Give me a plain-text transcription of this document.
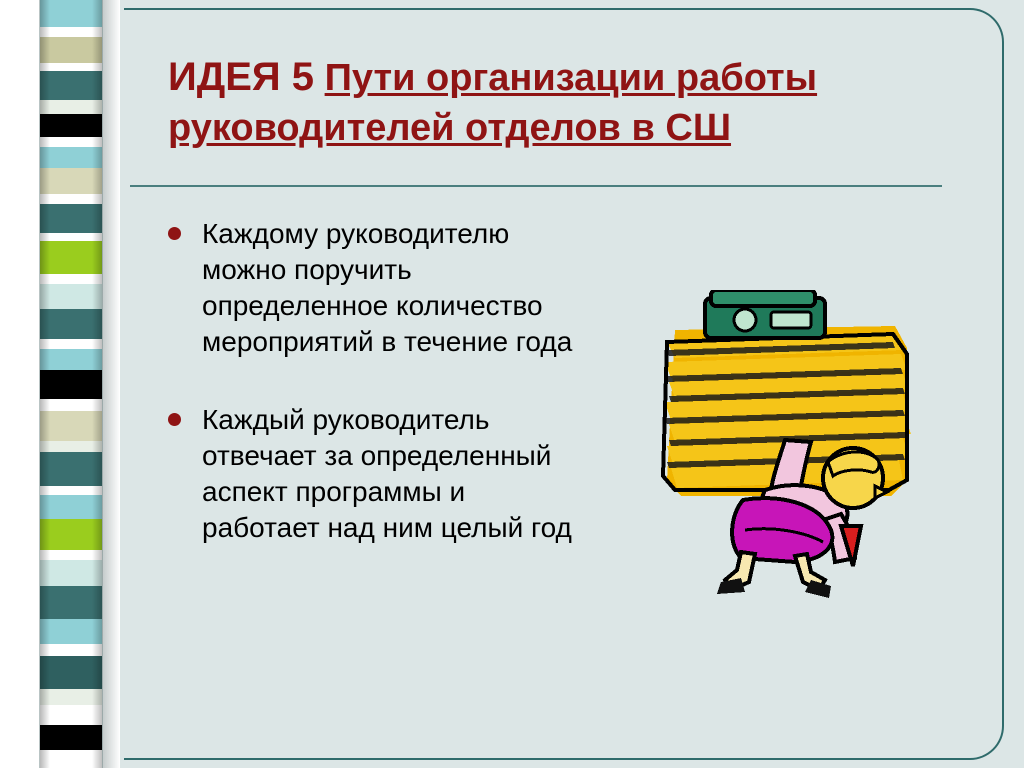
ИДЕЯ 5 Пути организации работы руководителей отделов в СШ
Каждому руководителю можно поручить определенное количество мероприятий в течение года
Каждый руководитель отвечает за определенный аспект программы и работает над ним целый год
